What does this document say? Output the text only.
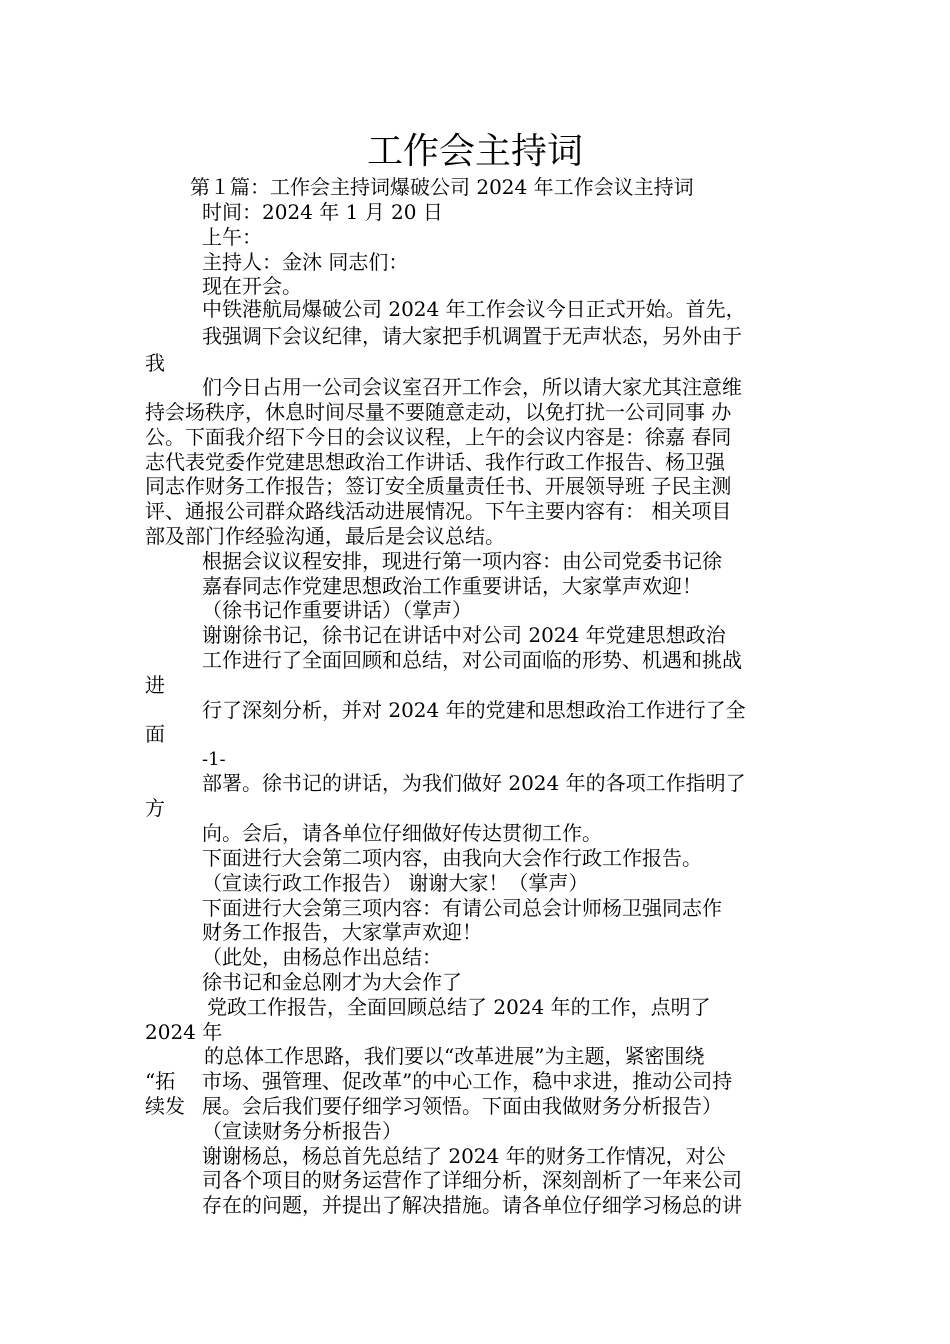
工作会主持词
第１篇：工作会主持词爆破公司 2024 年工作会议主持词
时间：2024 年 1 月 20 日
上午：
主持人：金沐 同志们：
现在开会。
中铁港航局爆破公司 2024 年工作会议今日正式开始。首先，
我强调下会议纪律，请大家把手机调置于无声状态，另外由于
我
们今日占用一公司会议室召开工作会，所以请大家尤其注意维
持会场秩序，休息时间尽量不要随意走动，以免打扰一公司同事 办
公。下面我介绍下今日的会议议程，上午的会议内容是：徐嘉 春同
志代表党委作党建思想政治工作讲话、我作行政工作报告、杨卫强
同志作财务工作报告；签订安全质量责任书、开展领导班 子民主测
评、通报公司群众路线活动进展情况。下午主要内容有： 相关项目
部及部门作经验沟通，最后是会议总结。
根据会议议程安排，现进行第一项内容：由公司党委书记徐
嘉春同志作党建思想政治工作重要讲话，大家掌声欢迎！
（徐书记作重要讲话）（掌声）
谢谢徐书记，徐书记在讲话中对公司 2024 年党建思想政治
工作进行了全面回顾和总结，对公司面临的形势、机遇和挑战
进
行了深刻分析，并对 2024 年的党建和思想政治工作进行了全
面
-1-
部署。徐书记的讲话，为我们做好 2024 年的各项工作指明了
方
向。会后，请各单位仔细做好传达贯彻工作。
下面进行大会第二项内容，由我向大会作行政工作报告。
（宣读行政工作报告） 谢谢大家！（掌声）
下面进行大会第三项内容：有请公司总会计师杨卫强同志作
财务工作报告，大家掌声欢迎！
（此处，由杨总作出总结：
徐书记和金总刚才为大会作了
党政工作报告，全面回顾总结了 2024 年的工作，点明了
2024 年
的总体工作思路，我们要以“改革进展”为主题，紧密围绕
“拓 市场、强管理、促改革”的中心工作，稳中求进，推动公司持
续发 展。会后我们要仔细学习领悟。下面由我做财务分析报告）
（宣读财务分析报告）
谢谢杨总，杨总首先总结了 2024 年的财务工作情况，对公
司各个项目的财务运营作了详细分析，深刻剖析了一年来公司
存在的问题，并提出了解决措施。请各单位仔细学习杨总的讲
